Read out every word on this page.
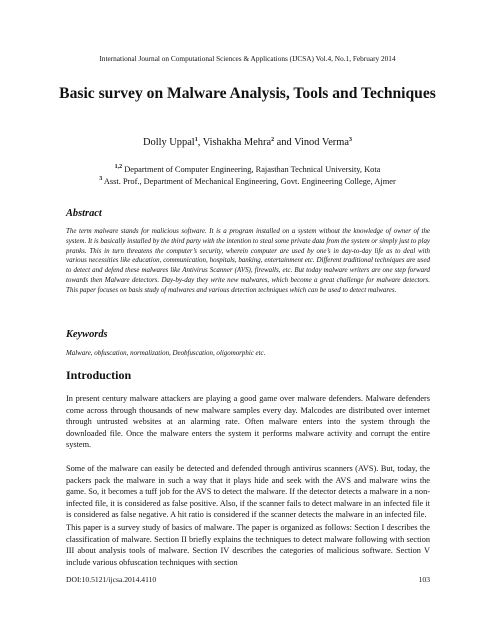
International Journal on Computational Sciences & Applications (IJCSA) Vol.4, No.1, February 2014
Basic survey on Malware Analysis, Tools and Techniques
Dolly Uppal$^1$, Vishakha Mehra$^2$ and Vinod Verma$^3$
$^{1,2}$ Department of Computer Engineering, Rajasthan Technical University, Kota
$^3$ Asst. Prof., Department of Mechanical Engineering, Govt. Engineering College, Ajmer
Abstract

The term malware stands for malicious software. It is a program installed on a system without the knowledge of owner of the system. It is basically installed by the third party with the intention to steal some private data from the system or simply just to play pranks. This in turn threatens the computer’s security, wherein computer are used by one’s in day-to-day life as to deal with various necessities like education, communication, hospitals, banking, entertainment etc. Different traditional techniques are used to detect and defend these malwares like Antivirus Scanner (AVS), firewalls, etc. But today malware writers are one step forward towards then Malware detectors. Day-by-day they write new malwares, which become a great challenge for malware detectors. This paper focuses on basis study of malwares and various detection techniques which can be used to detect malwares.

Keywords

Malware, obfuscation, normalization, Deobfuscation, oligomorphic etc.

Introduction

In present century malware attackers are playing a good game over malware defenders. Malware defenders come across through thousands of new malware samples every day. Malcodes are distributed over internet through untrusted websites at an alarming rate. Often malware enters into the system through the downloaded file. Once the malware enters the system it performs malware activity and corrupt the entire system.

Some of the malware can easily be detected and defended through antivirus scanners (AVS). But, today, the packers pack the malware in such a way that it plays hide and seek with the AVS and malware wins the game. So, it becomes a tuff job for the AVS to detect the malware. If the detector detects a malware in a non-infected file, it is considered as false positive. Also, if the scanner fails to detect malware in an infected file it is considered as false negative. A hit ratio is considered if the scanner detects the malware in an infected file.

This paper is a survey study of basics of malware. The paper is organized as follows: Section I describes the classification of malware. Section II briefly explains the techniques to detect malware following with section III about analysis tools of malware. Section IV describes the categories of malicious software. Section V include various obfuscation techniques with section

DOI:10.5121/ijcsa.2014.4110	103
